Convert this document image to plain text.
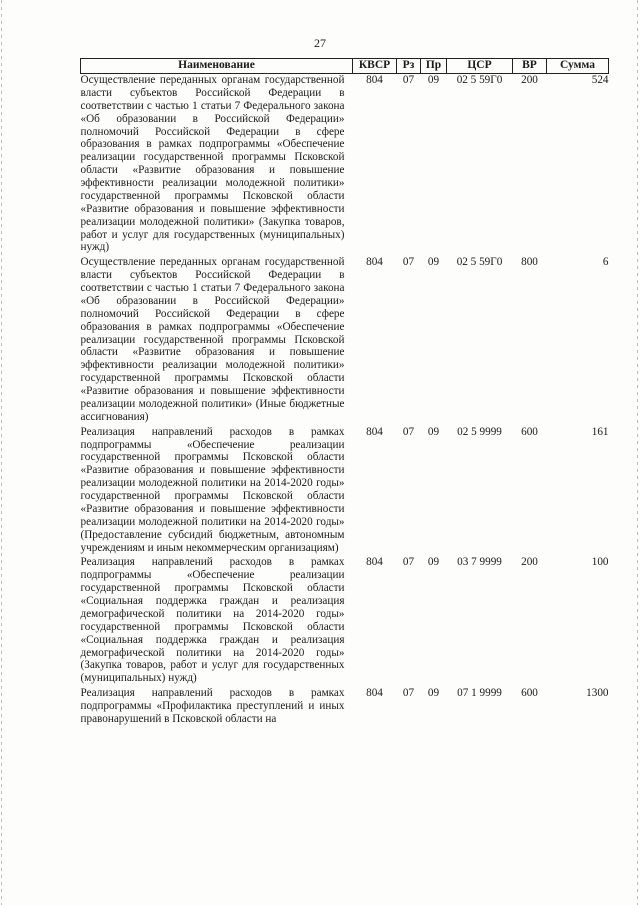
27
Наименование	КВСР	Рз	Пр	ЦСР	ВР	Сумма
Осуществление переданных органам государственной власти субъектов Российской Федерации в соответствии с частью 1 статьи 7 Федерального закона «Об образовании в Российской Федерации» полномочий Российской Федерации в сфере образования в рамках подпрограммы «Обеспечение реализации государственной программы Псковской области «Развитие образования и повышение эффективности реализации молодежной политики» государственной программы Псковской области «Развитие образования и повышение эффективности реализации молодежной политики» (Закупка товаров, работ и услуг для государственных (муниципальных) нужд)	804	07	09	02 5 59Г0	200	524
Осуществление переданных органам государственной власти субъектов Российской Федерации в соответствии с частью 1 статьи 7 Федерального закона «Об образовании в Российской Федерации» полномочий Российской Федерации в сфере образования в рамках подпрограммы «Обеспечение реализации государственной программы Псковской области «Развитие образования и повышение эффективности реализации молодежной политики» государственной программы Псковской области «Развитие образования и повышение эффективности реализации молодежной политики» (Иные бюджетные ассигнования)	804	07	09	02 5 59Г0	800	6
Реализация направлений расходов в рамках подпрограммы «Обеспечение реализации государственной программы Псковской области «Развитие образования и повышение эффективности реализации молодежной политики на 2014-2020 годы» государственной программы Псковской области «Развитие образования и повышение эффективности реализации молодежной политики на 2014-2020 годы» (Предоставление субсидий бюджетным, автономным учреждениям и иным некоммерческим организациям)	804	07	09	02 5 9999	600	161
Реализация направлений расходов в рамках подпрограммы «Обеспечение реализации государственной программы Псковской области «Социальная поддержка граждан и реализация демографической политики на 2014-2020 годы» государственной программы Псковской области «Социальная поддержка граждан и реализация демографической политики на 2014-2020 годы» (Закупка товаров, работ и услуг для государственных (муниципальных) нужд)	804	07	09	03 7 9999	200	100
Реализация направлений расходов в рамках подпрограммы «Профилактика преступлений и иных правонарушений в Псковской области на	804	07	09	07 1 9999	600	1300
